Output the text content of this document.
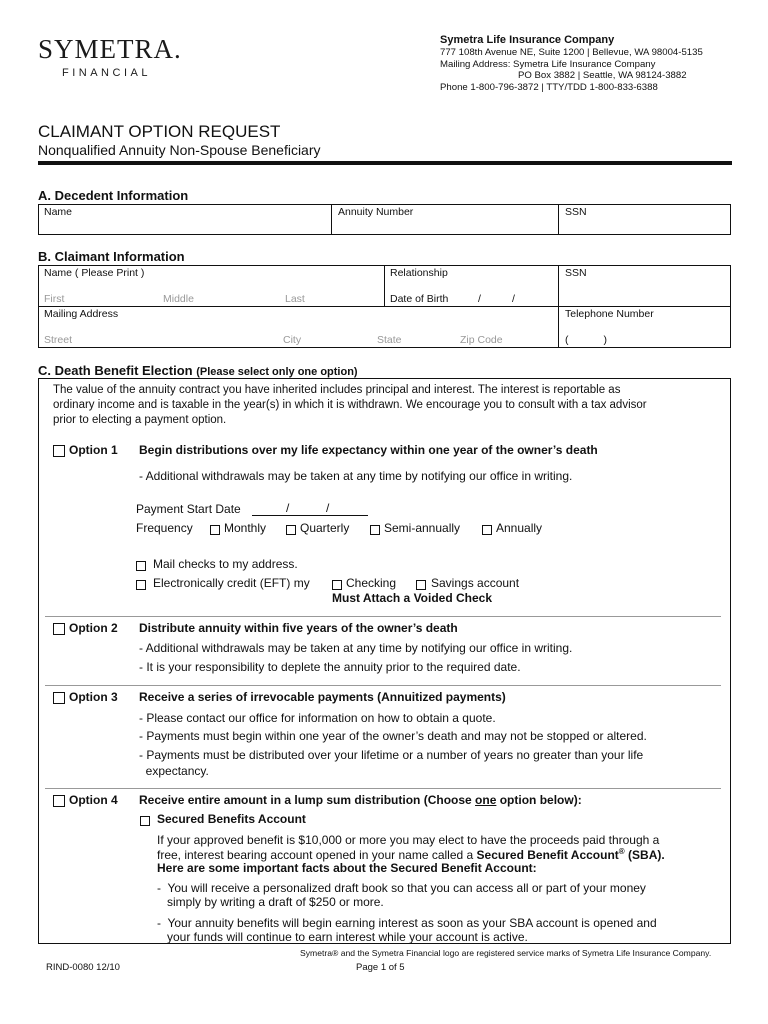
SYMETRA.
FINANCIAL
Symetra Life Insurance Company
777 108th Avenue NE, Suite 1200 | Bellevue, WA 98004-5135
Mailing Address: Symetra Life Insurance Company
PO Box 3882 | Seattle, WA 98124-3882
Phone 1-800-796-3872 | TTY/TDD 1-800-833-6388
CLAIMANT OPTION REQUEST
Nonqualified Annuity Non-Spouse Beneficiary
A. Decedent Information
Name	Annuity Number	SSN
B. Claimant Information
Name ( Please Print )
First	Middle	Last
Relationship
Date of Birth	/	/
SSN
Mailing Address
Street	City	State	Zip Code
Telephone Number
(            )
C. Death Benefit Election (Please select only one option)
The value of the annuity contract you have inherited includes principal and interest. The interest is reportable as
ordinary income and is taxable in the year(s) in which it is withdrawn. We encourage you to consult with a tax advisor
prior to electing a payment option.
Option 1 Begin distributions over my life expectancy within one year of the owner’s death
- Additional withdrawals may be taken at any time by notifying our office in writing.
Payment Start Date	/	/
Frequency	Monthly	Quarterly	Semi-annually	Annually
Mail checks to my address.
Electronically credit (EFT) my	Checking	Savings account
Must Attach a Voided Check
Option 2 Distribute annuity within five years of the owner’s death
- Additional withdrawals may be taken at any time by notifying our office in writing.
- It is your responsibility to deplete the annuity prior to the required date.
Option 3 Receive a series of irrevocable payments (Annuitized payments)
- Please contact our office for information on how to obtain a quote.
- Payments must begin within one year of the owner’s death and may not be stopped or altered.
- Payments must be distributed over your lifetime or a number of years no greater than your life
expectancy.
Option 4 Receive entire amount in a lump sum distribution (Choose one option below):
Secured Benefits Account
If your approved benefit is $10,000 or more you may elect to have the proceeds paid through a
free, interest bearing account opened in your name called a Secured Benefit Account® (SBA).
Here are some important facts about the Secured Benefit Account:
-  You will receive a personalized draft book so that you can access all or part of your money
simply by writing a draft of $250 or more.
-  Your annuity benefits will begin earning interest as soon as your SBA account is opened and
your funds will continue to earn interest while your account is active.
Symetra® and the Symetra Financial logo are registered service marks of Symetra Life Insurance Company.
RIND-0080 12/10	Page 1 of 5
